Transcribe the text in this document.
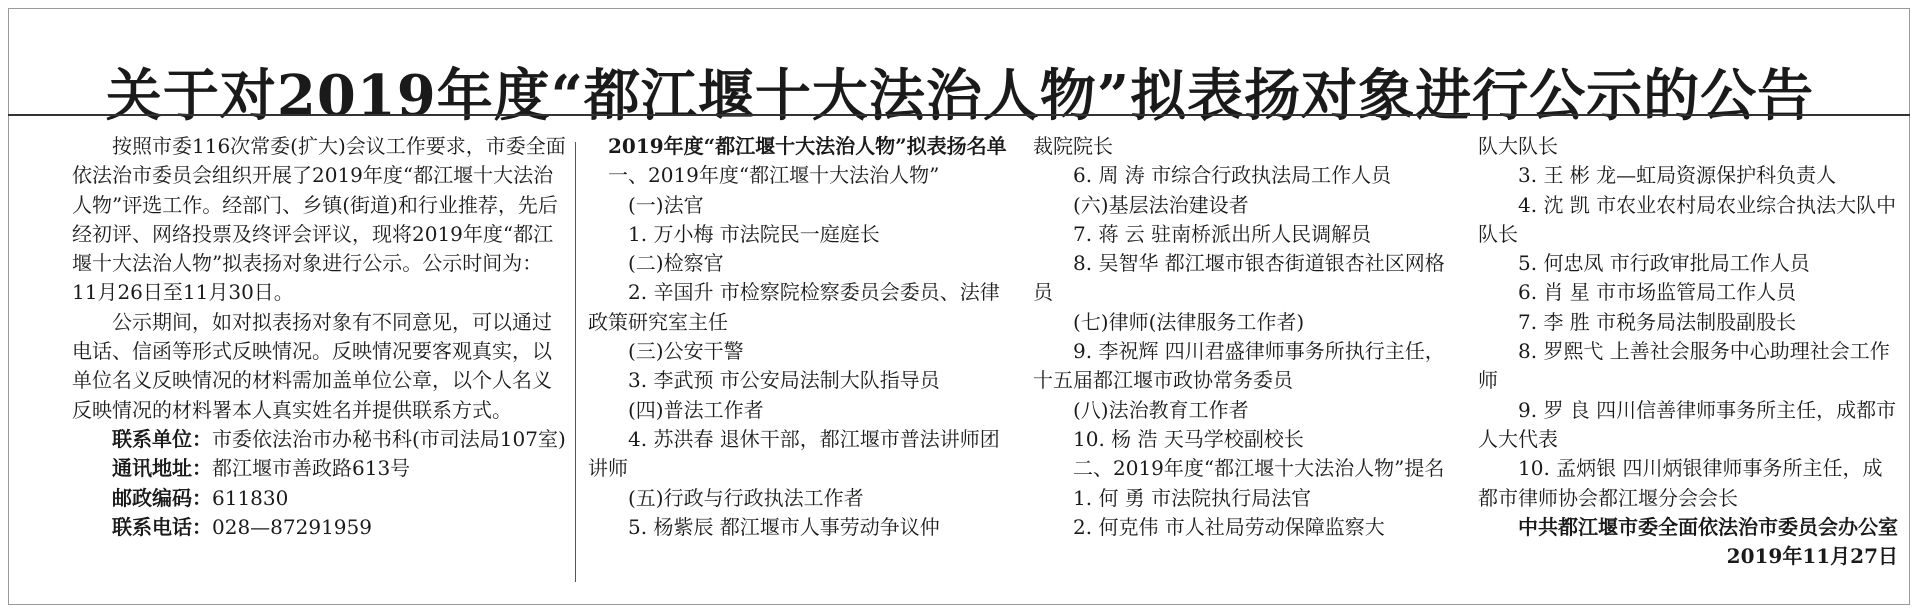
关于对2019年度“都江堰十大法治人物”拟表扬对象进行公示的公告

按照市委116次常委(扩大)会议工作要求，市委全面依法治市委员会组织开展了2019年度“都江堰十大法治人物”评选工作。经部门、乡镇(街道)和行业推荐，先后经初评、网络投票及终评会评议，现将2019年度“都江堰十大法治人物”拟表扬对象进行公示。公示时间为：11月26日至11月30日。

公示期间，如对拟表扬对象有不同意见，可以通过电话、信函等形式反映情况。反映情况要客观真实，以单位名义反映情况的材料需加盖单位公章，以个人名义反映情况的材料署本人真实姓名并提供联系方式。

联系单位：市委依法治市办秘书科(市司法局107室)

通讯地址：都江堰市善政路613号

邮政编码：611830

联系电话：028—87291959

2019年度“都江堰十大法治人物”拟表扬名单

一、2019年度“都江堰十大法治人物”

(一)法官

1. 万小梅 市法院民一庭庭长

(二)检察官

2. 辛国升 市检察院检察委员会委员、法律政策研究室主任

(三)公安干警

3. 李武预 市公安局法制大队指导员

(四)普法工作者

4. 苏洪春 退休干部，都江堰市普法讲师团讲师

(五)行政与行政执法工作者

5. 杨紫辰 都江堰市人事劳动争议仲

裁院院长

6. 周 涛 市综合行政执法局工作人员

(六)基层法治建设者

7. 蒋 云 驻南桥派出所人民调解员

8. 吴智华 都江堰市银杏街道银杏社区网格员

(七)律师(法律服务工作者)

9. 李祝辉 四川君盛律师事务所执行主任，十五届都江堰市政协常务委员

(八)法治教育工作者

10. 杨 浩 天马学校副校长

二、2019年度“都江堰十大法治人物”提名

1. 何 勇 市法院执行局法官

2. 何克伟 市人社局劳动保障监察大

队大队长

3. 王 彬 龙—虹局资源保护科负责人

4. 沈 凯 市农业农村局农业综合执法大队中队长

5. 何忠凤 市行政审批局工作人员

6. 肖 星 市市场监管局工作人员

7. 李 胜 市税务局法制股副股长

8. 罗熙弋 上善社会服务中心助理社会工作师

9. 罗 良 四川信善律师事务所主任，成都市人大代表

10. 孟炳银 四川炳银律师事务所主任，成都市律师协会都江堰分会会长

中共都江堰市委全面依法治市委员会办公室

2019年11月27日
